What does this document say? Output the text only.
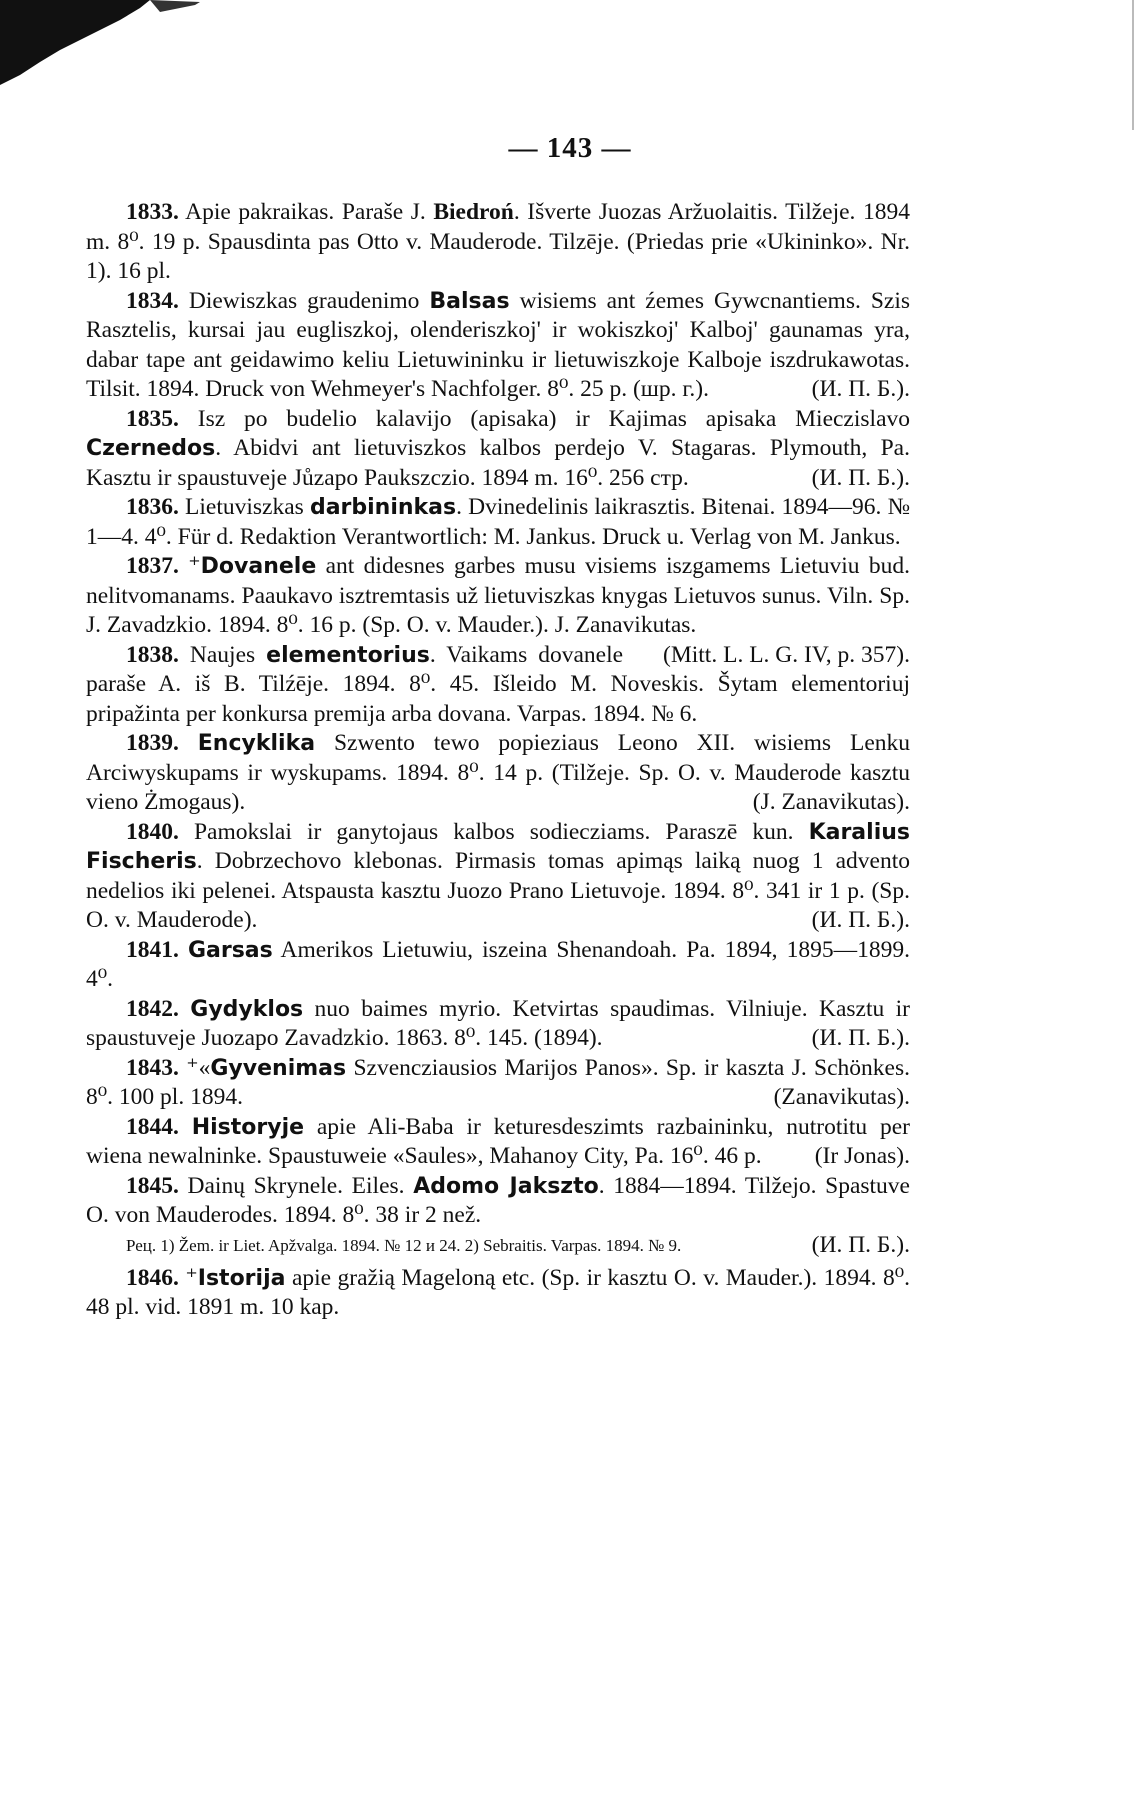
— 143 —

1833. Apie pakraikas. Paraše J. Biedroń. Išverte Juozas Aržuolaitis. Tilžeje. 1894 m. 8⁰. 19 p. Spausdinta pas Otto v. Mauderode. Tilzēje. (Priedas prie «Ukininko». Nr. 1). 16 pl.

1834. Diewiszkas graudenimo Balsas wisiems ant źemes Gywcnantiems. Szis Rasztelis, kursai jau eugliszkoj, olenderiszkoj' ir wokiszkoj' Kalboj' gaunamas yra, dabar tape ant geidawimo keliu Lietuwininku ir lietuwiszkoje Kalboje iszdrukawotas. Tilsit. 1894. Druck von Wehmeyer's Nachfolger. 8⁰. 25 p. (шр. г.).	(И. П. Б.).

1835. Isz po budelio kalavijo (apisaka) ir Kajimas apisaka Mieczislavo Czernedos. Abidvi ant lietuviszkos kalbos perdejo V. Stagaras. Plymouth, Pa. Kasztu ir spaustuveje Jůzapo Paukszczio. 1894 m. 16⁰. 256 стр.	(И. П. Б.).

1836. Lietuviszkas darbininkas. Dvinedelinis laikrasztis. Bitenai. 1894—96. № 1—4. 4⁰. Für d. Redaktion Verantwortlich: M. Jankus. Druck u. Verlag von M. Jankus.

1837. ⁺Dovanele ant didesnes garbes musu visiems iszgamems Lietuviu bud. nelitvomanams. Paaukavo isztremtasis už lietuviszkas knygas Lietuvos sunus. Viln. Sp. J. Zavadzkio. 1894. 8⁰. 16 p. (Sp. O. v. Mauder.). J. Zanavikutas.
(Mitt. L. L. G. IV, p. 357).

1838. Naujes elementorius. Vaikams dovanele paraše A. iš B. Tilźēje. 1894. 8⁰. 45. Išleido M. Noveskis. Šytam elementoriuj pripažinta per konkursa premija arba dovana. Varpas. 1894. № 6.

1839. Encyklika Szwento tewo popieziaus Leono XII. wisiems Lenku Arciwyskupams ir wyskupams. 1894. 8⁰. 14 p. (Tilžeje. Sp. O. v. Mauderode kasztu vieno Żmogaus).	(J. Zanavikutas).

1840. Pamokslai ir ganytojaus kalbos sodiecziams. Paraszē kun. Karalius Fischeris. Dobrzechovo klebonas. Pirmasis tomas apimąs laiką nuog 1 advento nedelios iki pelenei. Atspausta kasztu Juozo Prano Lietuvoje. 1894. 8⁰. 341 ir 1 p. (Sp. O. v. Mauderode).	(И. П. Б.).

1841. Garsas Amerikos Lietuwiu, iszeina Shenandoah. Pa. 1894, 1895—1899. 4⁰.

1842. Gydyklos nuo baimes myrio. Ketvirtas spaudimas. Vilniuje. Kasztu ir spaustuveje Juozapo Zavadzkio. 1863. 8⁰. 145. (1894).	(И. П. Б.).

1843. ⁺«Gyvenimas Szvencziausios Marijos Panos». Sp. ir kaszta J. Schönkes. 8⁰. 100 pl. 1894.	(Zanavikutas).

1844. Historyje apie Ali-Baba ir keturesdeszimts razbaininku, nutrotitu per wiena newalninke. Spaustuweie «Saules», Mahanoy City, Pa. 16⁰. 46 p.	(Ir Jonas).

1845. Dainų Skrynele. Eiles. Adomo Jakszto. 1884—1894. Tilžejo. Spastuve O. von Mauderodes. 1894. 8⁰. 38 ir 2 než.

Рец. 1) Žem. ir Liet. Apžvalga. 1894. № 12 и 24. 2) Sebraitis. Varpas. 1894. № 9.	(И. П. Б.).

1846. ⁺Istorija apie gražią Mageloną etc. (Sp. ir kasztu O. v. Mauder.). 1894. 8⁰. 48 pl. vid. 1891 m. 10 kap.
